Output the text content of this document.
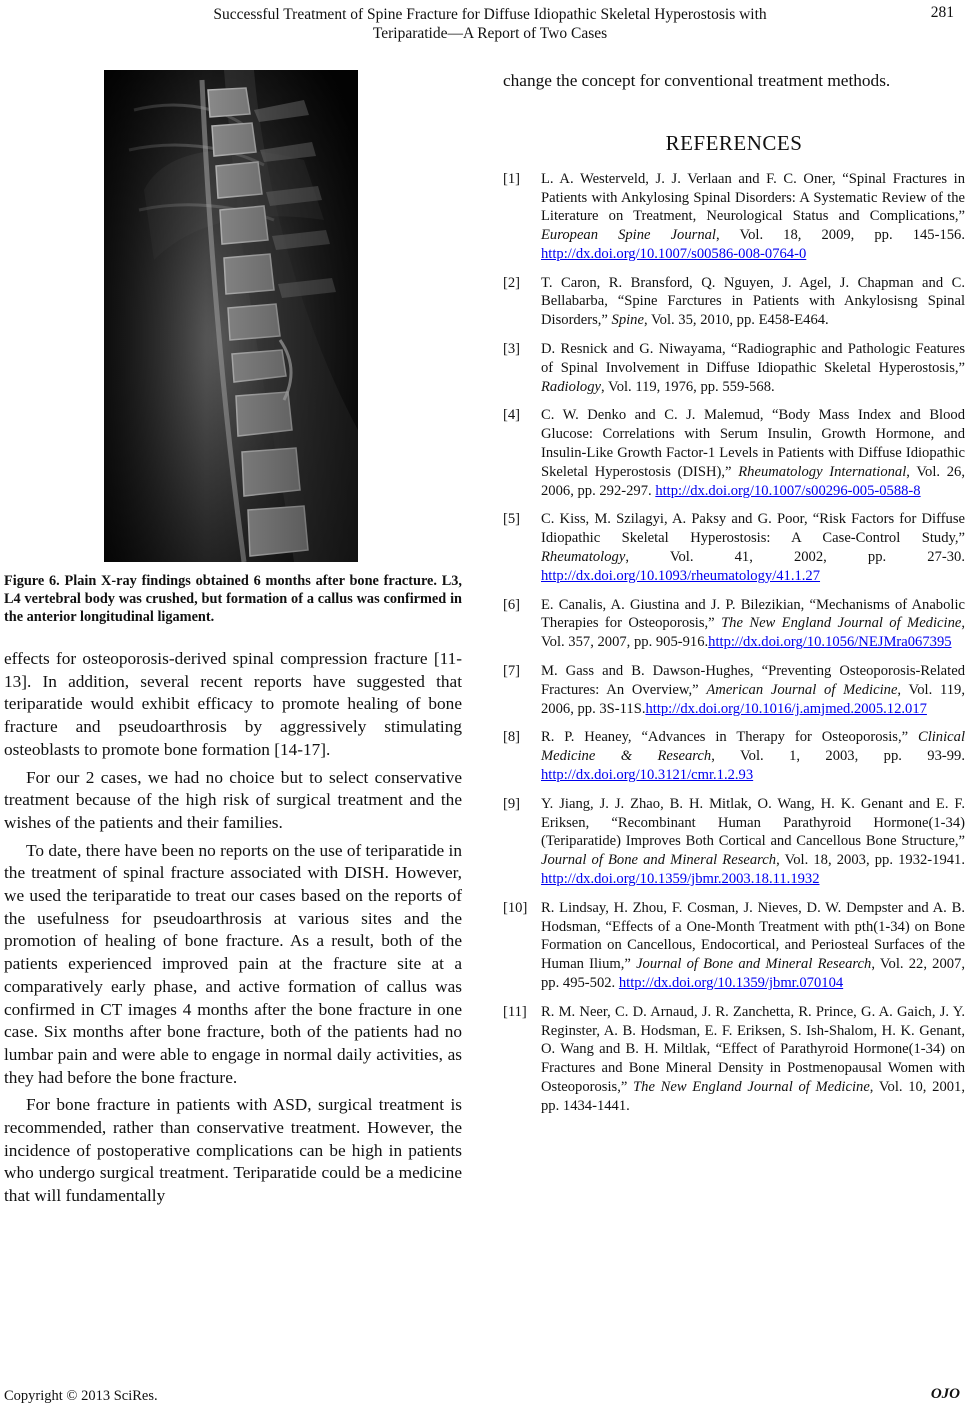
Successful Treatment of Spine Fracture for Diffuse Idiopathic Skeletal Hyperostosis with
Teriparatide—A Report of Two Cases
281
Figure 6. Plain X-ray findings obtained 6 months after bone fracture. L3, L4 vertebral body was crushed, but formation of a callus was confirmed in the anterior longitudinal ligament.

effects for osteoporosis-derived spinal compression fracture [11-13]. In addition, several recent reports have suggested that teriparatide would exhibit efficacy to promote healing of bone fracture and pseudoarthrosis by aggressively stimulating osteoblasts to promote bone formation [14-17].

For our 2 cases, we had no choice but to select conservative treatment because of the high risk of surgical treatment and the wishes of the patients and their families.

To date, there have been no reports on the use of teriparatide in the treatment of spinal fracture associated with DISH. However, we used the teriparatide to treat our cases based on the reports of the usefulness for pseudoarthrosis at various sites and the promotion of healing of bone fracture. As a result, both of the patients experienced improved pain at the fracture site at a comparatively early phase, and active formation of callus was confirmed in CT images 4 months after the bone fracture in one case. Six months after bone fracture, both of the patients had no lumbar pain and were able to engage in normal daily activities, as they had before the bone fracture.

For bone fracture in patients with ASD, surgical treatment is recommended, rather than conservative treatment. However, the incidence of postoperative complications can be high in patients who undergo surgical treatment. Teriparatide could be a medicine that will fundamentally

change the concept for conventional treatment methods.

REFERENCES
[1] L. A. Westerveld, J. J. Verlaan and F. C. Oner, “Spinal Fractures in Patients with Ankylosing Spinal Disorders: A Systematic Review of the Literature on Treatment, Neurological Status and Complications,” European Spine Journal, Vol. 18, 2009, pp. 145-156.http://dx.doi.org/10.1007/s00586-008-0764-0
[2] T. Caron, R. Bransford, Q. Nguyen, J. Agel, J. Chapman and C. Bellabarba, “Spine Farctures in Patients with Ankylosisng Spinal Disorders,” Spine, Vol. 35, 2010, pp. E458-E464.
[3] D. Resnick and G. Niwayama, “Radiographic and Pathologic Features of Spinal Involvement in Diffuse Idiopathic Skeletal Hyperostosis,” Radiology, Vol. 119, 1976, pp. 559-568.
[4] C. W. Denko and C. J. Malemud, “Body Mass Index and Blood Glucose: Correlations with Serum Insulin, Growth Hormone, and Insulin-Like Growth Factor-1 Levels in Patients with Diffuse Idiopathic Skeletal Hyperostosis (DISH),” Rheumatology International, Vol. 26, 2006, pp. 292-297. http://dx.doi.org/10.1007/s00296-005-0588-8
[5] C. Kiss, M. Szilagyi, A. Paksy and G. Poor, “Risk Factors for Diffuse Idiopathic Skeletal Hyperostosis: A Case-Control Study,” Rheumatology, Vol. 41, 2002, pp. 27-30.http://dx.doi.org/10.1093/rheumatology/41.1.27
[6] E. Canalis, A. Giustina and J. P. Bilezikian, “Mechanisms of Anabolic Therapies for Osteoporosis,” The New England Journal of Medicine, Vol. 357, 2007, pp. 905-916.http://dx.doi.org/10.1056/NEJMra067395
[7] M. Gass and B. Dawson-Hughes, “Preventing Osteoporosis-Related Fractures: An Overview,” American Journal of Medicine, Vol. 119, 2006, pp. 3S-11S.http://dx.doi.org/10.1016/j.amjmed.2005.12.017
[8] R. P. Heaney, “Advances in Therapy for Osteoporosis,” Clinical Medicine & Research, Vol. 1, 2003, pp. 93-99.http://dx.doi.org/10.3121/cmr.1.2.93
[9] Y. Jiang, J. J. Zhao, B. H. Mitlak, O. Wang, H. K. Genant and E. F. Eriksen, “Recombinant Human Parathyroid Hormone(1-34)(Teriparatide) Improves Both Cortical and Cancellous Bone Structure,” Journal of Bone and Mineral Research, Vol. 18, 2003, pp. 1932-1941.http://dx.doi.org/10.1359/jbmr.2003.18.11.1932
[10] R. Lindsay, H. Zhou, F. Cosman, J. Nieves, D. W. Dempster and A. B. Hodsman, “Effects of a One-Month Treatment with pth(1-34) on Bone Formation on Cancellous, Endocortical, and Periosteal Surfaces of the Human Ilium,” Journal of Bone and Mineral Research, Vol. 22, 2007, pp. 495-502. http://dx.doi.org/10.1359/jbmr.070104
[11] R. M. Neer, C. D. Arnaud, J. R. Zanchetta, R. Prince, G. A. Gaich, J. Y. Reginster, A. B. Hodsman, E. F. Eriksen, S. Ish-Shalom, H. K. Genant, O. Wang and B. H. Miltlak, “Effect of Parathyroid Hormone(1-34) on Fractures and Bone Mineral Density in Postmenopausal Women with Osteoporosis,” The New England Journal of Medicine, Vol. 10, 2001, pp. 1434-1441.
Copyright © 2013 SciRes.	OJO
